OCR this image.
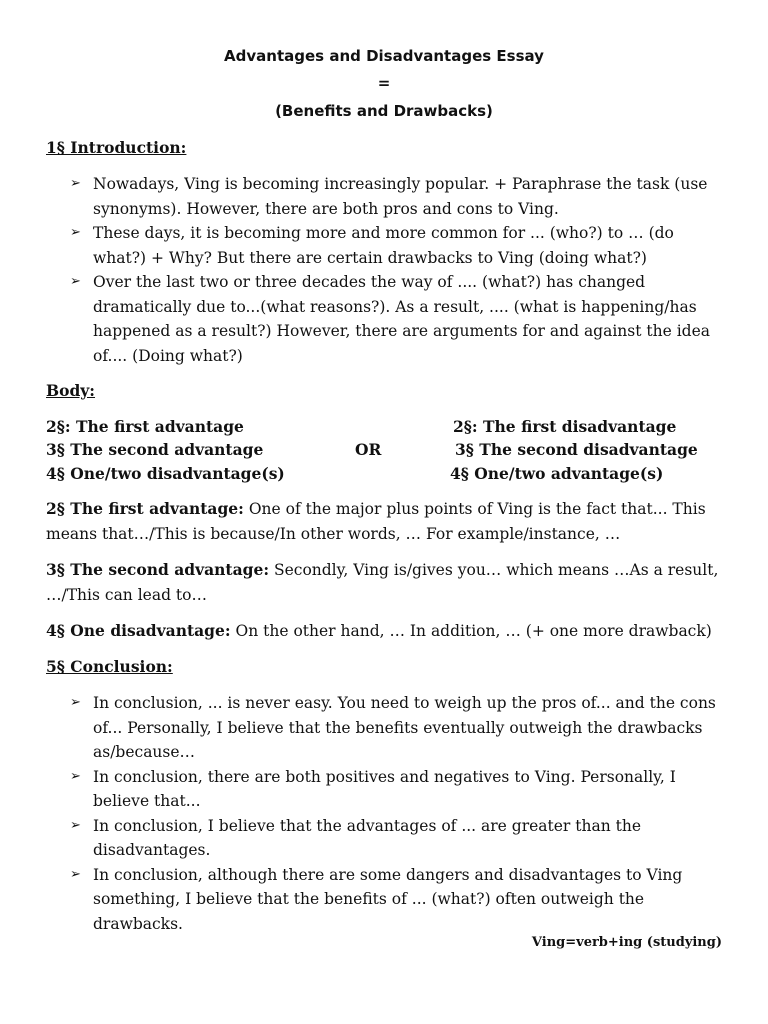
Advantages and Disadvantages Essay
=
(Benefits and Drawbacks)
1§ Introduction:
➢ Nowadays, Ving is becoming increasingly popular. + Paraphrase the task (use synonyms). However, there are both pros and cons to Ving.
➢ These days, it is becoming more and more common for ... (who?) to … (do what?) + Why? But there are certain drawbacks to Ving (doing what?)
➢ Over the last two or three decades the way of .... (what?) has changed dramatically due to...(what reasons?). As a result, .... (what is happening/has happened as a result?) However, there are arguments for and against the idea of.... (Doing what?)
Body:
2§: The first advantage
3§ The second advantage
4§ One/two disadvantage(s)
OR
2§: The first disadvantage
3§ The second disadvantage
4§ One/two advantage(s)
2§ The first advantage: One of the major plus points of Ving is the fact that... This means that…/This is because/In other words, … For example/instance, …
3§ The second advantage: Secondly, Ving is/gives you… which means …As a result, …/This can lead to…
4§ One disadvantage: On the other hand, … In addition, … (+ one more drawback)
5§ Conclusion:
➢ In conclusion, ... is never easy. You need to weigh up the pros of... and the cons of... Personally, I believe that the benefits eventually outweigh the drawbacks as/because…
➢ In conclusion, there are both positives and negatives to Ving. Personally, I believe that...
➢ In conclusion, I believe that the advantages of ... are greater than the disadvantages.
➢ In conclusion, although there are some dangers and disadvantages to Ving something, I believe that the benefits of ... (what?) often outweigh the drawbacks.
Ving=verb+ing (studying)
